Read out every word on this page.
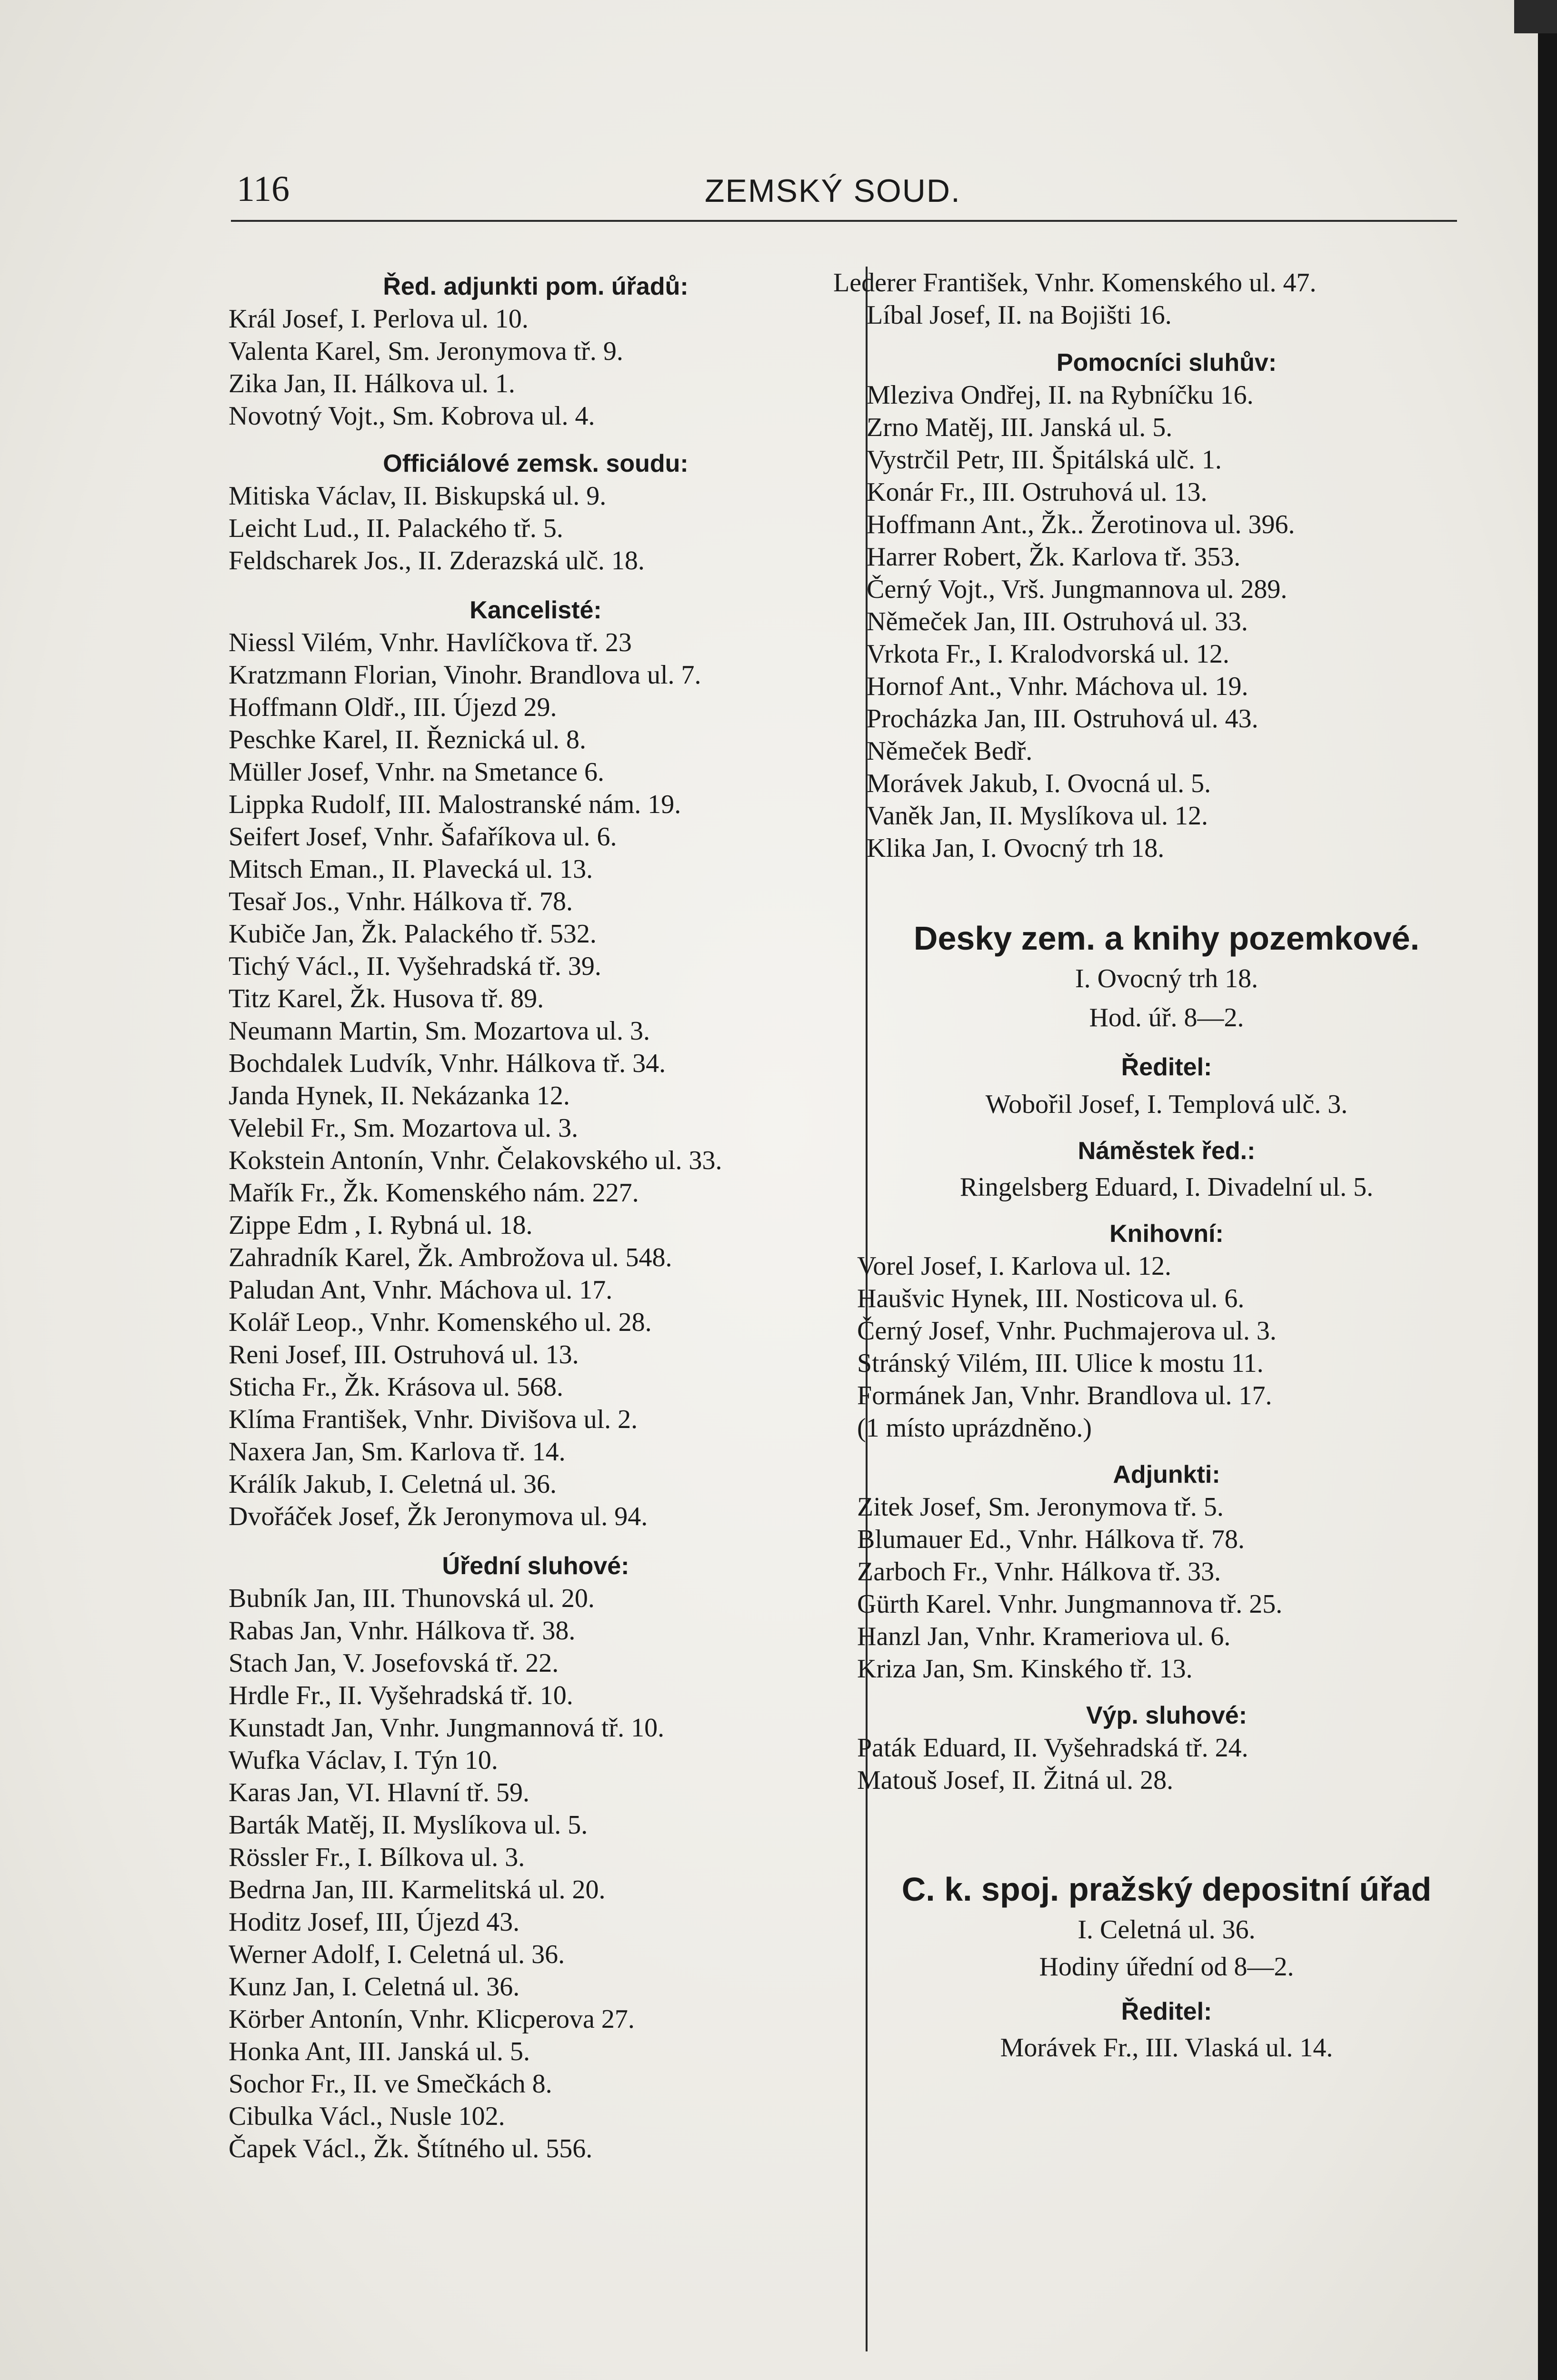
116	ZEMSKÝ SOUD.
Řed. adjunkti pom. úřadů:
Král Josef, I. Perlova ul. 10.
Valenta Karel, Sm. Jeronymova tř. 9.
Zika Jan, II. Hálkova ul. 1.
Novotný Vojt., Sm. Kobrova ul. 4.
Officiálové zemsk. soudu:
Mitiska Václav, II. Biskupská ul. 9.
Leicht Lud., II. Palackého tř. 5.
Feldscharek Jos., II. Zderazská ulč. 18.
Kancelisté:
Niessl Vilém, Vnhr. Havlíčkova tř. 23
Kratzmann Florian, Vinohr. Brandlova ul. 7.
Hoffmann Oldř., III. Újezd 29.
Peschke Karel, II. Řeznická ul. 8.
Müller Josef, Vnhr. na Smetance 6.
Lippka Rudolf, III. Malostranské nám. 19.
Seifert Josef, Vnhr. Šafaříkova ul. 6.
Mitsch Eman., II. Plavecká ul. 13.
Tesař Jos., Vnhr. Hálkova tř. 78.
Kubiče Jan, Žk. Palackého tř. 532.
Tichý Václ., II. Vyšehradská tř. 39.
Titz Karel, Žk. Husova tř. 89.
Neumann Martin, Sm. Mozartova ul. 3.
Bochdalek Ludvík, Vnhr. Hálkova tř. 34.
Janda Hynek, II. Nekázanka 12.
Velebil Fr., Sm. Mozartova ul. 3.
Kokstein Antonín, Vnhr. Čelakovského ul. 33.
Mařík Fr., Žk. Komenského nám. 227.
Zippe Edm , I. Rybná ul. 18.
Zahradník Karel, Žk. Ambrožova ul. 548.
Paludan Ant, Vnhr. Máchova ul. 17.
Kolář Leop., Vnhr. Komenského ul. 28.
Reni Josef, III. Ostruhová ul. 13.
Sticha Fr., Žk. Krásova ul. 568.
Klíma František, Vnhr. Divišova ul. 2.
Naxera Jan, Sm. Karlova tř. 14.
Králík Jakub, I. Celetná ul. 36.
Dvořáček Josef, Žk Jeronymova ul. 94.
Úřední sluhové:
Bubník Jan, III. Thunovská ul. 20.
Rabas Jan, Vnhr. Hálkova tř. 38.
Stach Jan, V. Josefovská tř. 22.
Hrdle Fr., II. Vyšehradská tř. 10.
Kunstadt Jan, Vnhr. Jungmannová tř. 10.
Wufka Václav, I. Týn 10.
Karas Jan, VI. Hlavní tř. 59.
Barták Matěj, II. Myslíkova ul. 5.
Rössler Fr., I. Bílkova ul. 3.
Bedrna Jan, III. Karmelitská ul. 20.
Hoditz Josef, III, Újezd 43.
Werner Adolf, I. Celetná ul. 36.
Kunz Jan, I. Celetná ul. 36.
Körber Antonín, Vnhr. Klicperova 27.
Honka Ant, III. Janská ul. 5.
Sochor Fr., II. ve Smečkách 8.
Cibulka Václ., Nusle 102.
Čapek Václ., Žk. Štítného ul. 556.
Lederer František, Vnhr. Komenského ul. 47.
Líbal Josef, II. na Bojišti 16.
Pomocníci sluhův:
Mleziva Ondřej, II. na Rybníčku 16.
Zrno Matěj, III. Janská ul. 5.
Vystrčil Petr, III. Špitálská ulč. 1.
Konár Fr., III. Ostruhová ul. 13.
Hoffmann Ant., Žk.. Žerotinova ul. 396.
Harrer Robert, Žk. Karlova tř. 353.
Černý Vojt., Vrš. Jungmannova ul. 289.
Němeček Jan, III. Ostruhová ul. 33.
Vrkota Fr., I. Kralodvorská ul. 12.
Hornof Ant., Vnhr. Máchova ul. 19.
Procházka Jan, III. Ostruhová ul. 43.
Němeček Bedř.
Morávek Jakub, I. Ovocná ul. 5.
Vaněk Jan, II. Myslíkova ul. 12.
Klika Jan, I. Ovocný trh 18.
Desky zem. a knihy pozemkové.
I. Ovocný trh 18.
Hod. úř. 8—2.
Ředitel:
Wobořil Josef, I. Templová ulč. 3.
Náměstek řed.:
Ringelsberg Eduard, I. Divadelní ul. 5.
Knihovní:
Vorel Josef, I. Karlova ul. 12.
Haušvic Hynek, III. Nosticova ul. 6.
Černý Josef, Vnhr. Puchmajerova ul. 3.
Stránský Vilém, III. Ulice k mostu 11.
Formánek Jan, Vnhr. Brandlova ul. 17.
(1 místo uprázdněno.)
Adjunkti:
Zitek Josef, Sm. Jeronymova tř. 5.
Blumauer Ed., Vnhr. Hálkova tř. 78.
Zarboch Fr., Vnhr. Hálkova tř. 33.
Gürth Karel. Vnhr. Jungmannova tř. 25.
Hanzl Jan, Vnhr. Krameriova ul. 6.
Kriza Jan, Sm. Kinského tř. 13.
Výp. sluhové:
Paták Eduard, II. Vyšehradská tř. 24.
Matouš Josef, II. Žitná ul. 28.
C. k. spoj. pražský depositní úřad
I. Celetná ul. 36.
Hodiny úřední od 8—2.
Ředitel:
Morávek Fr., III. Vlaská ul. 14.
